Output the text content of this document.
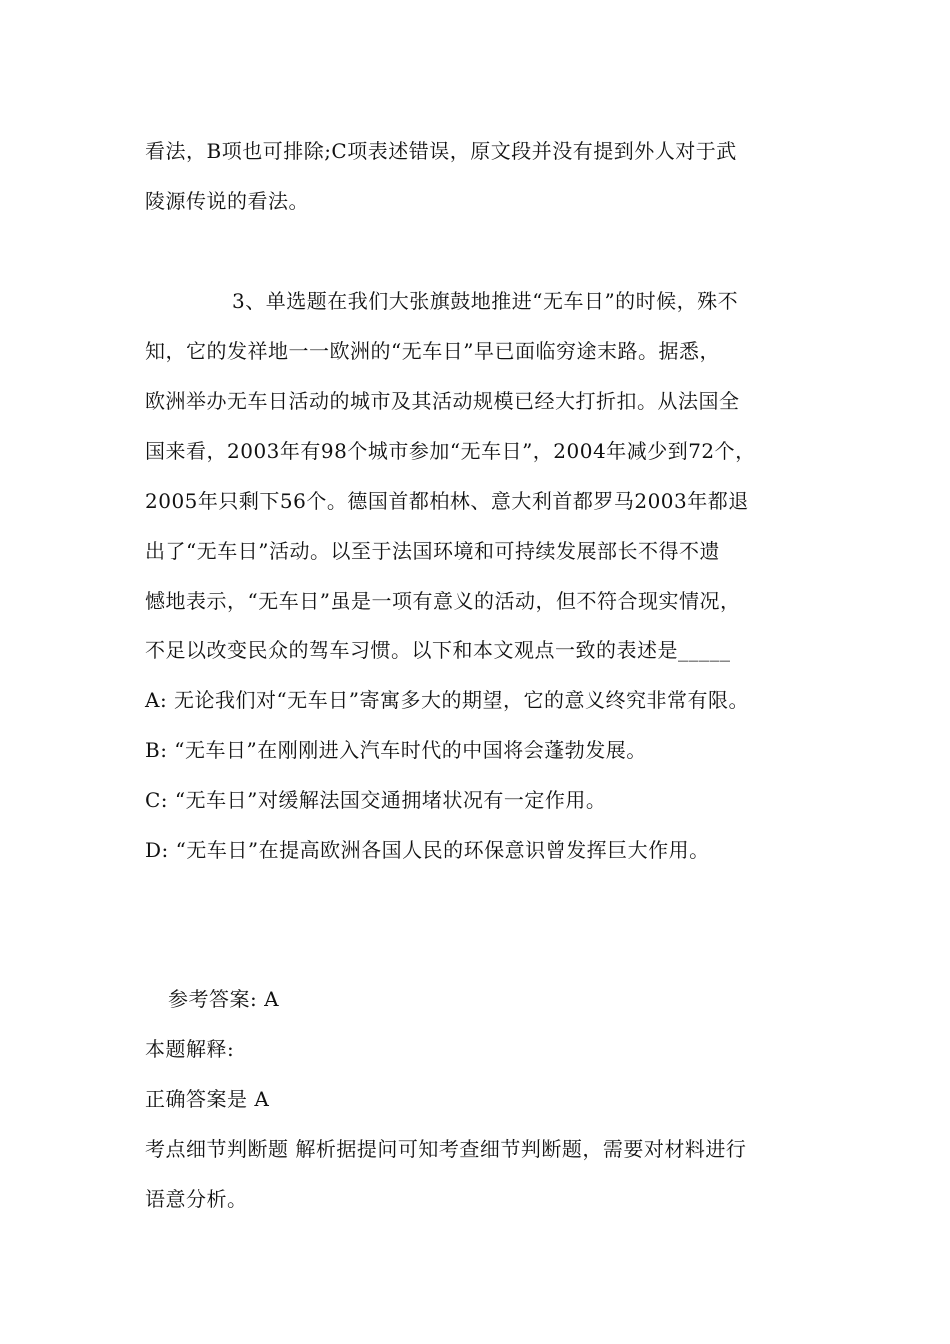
看法，B项也可排除;C项表述错误，原文段并没有提到外人对于武
陵源传说的看法。
3、单选题在我们大张旗鼓地推进“无车日”的时候，殊不
知，它的发祥地一一欧洲的“无车日”早已面临穷途末路。据悉，
欧洲举办无车日活动的城市及其活动规模已经大打折扣。从法国全
国来看，2003年有98个城市参加“无车日”，2004年减少到72个，
2005年只剩下56个。德国首都柏林、意大利首都罗马2003年都退
出了“无车日”活动。以至于法国环境和可持续发展部长不得不遗
憾地表示，“无车日”虽是一项有意义的活动，但不符合现实情况，
不足以改变民众的驾车习惯。以下和本文观点一致的表述是_____
A: 无论我们对“无车日”寄寓多大的期望，它的意义终究非常有限。
B: “无车日”在刚刚进入汽车时代的中国将会蓬勃发展。
C: “无车日”对缓解法国交通拥堵状况有一定作用。
D: “无车日”在提高欧洲各国人民的环保意识曾发挥巨大作用。
参考答案: A
本题解释:
正确答案是 A
考点细节判断题 解析据提问可知考查细节判断题，需要对材料进行
语意分析。
